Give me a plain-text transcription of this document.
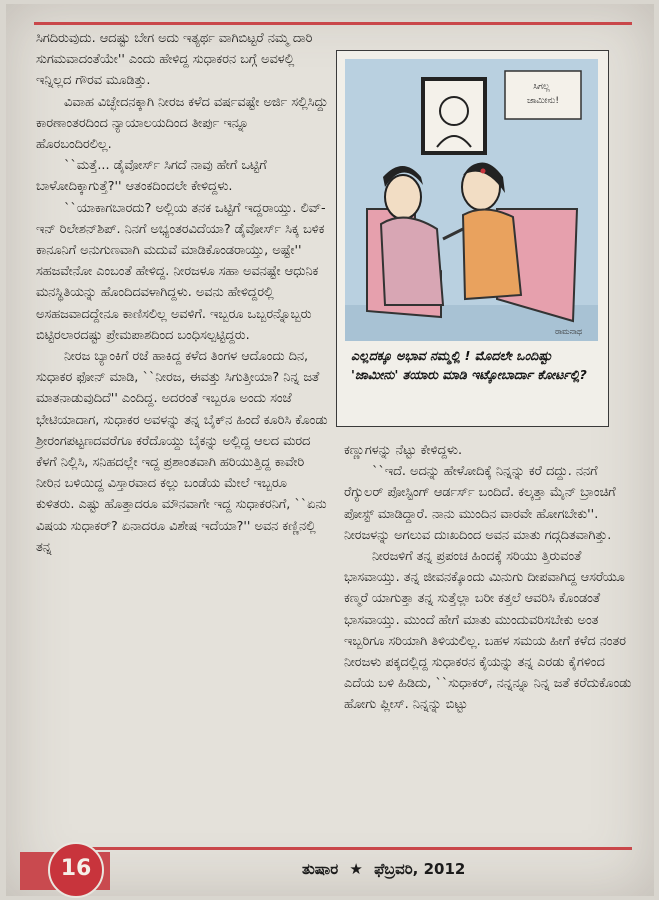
ಸಿಗದಿರುವುದು. ಆದಷ್ಟು ಬೇಗ ಅದು ಇತ್ಯರ್ಥ ವಾಗಿಬಿಟ್ಟರೆ ನಮ್ಮ ದಾರಿ ಸುಗಮವಾದಂತೆಯೇ'' ಎಂದು ಹೇಳಿದ್ದ ಸುಧಾಕರನ ಬಗ್ಗೆ ಅವಳಲ್ಲಿ ಇನ್ನಿಲ್ಲದ ಗೌರವ ಮೂಡಿತ್ತು.

ವಿವಾಹ ವಿಚ್ಛೇದನಕ್ಕಾಗಿ ನೀರಜ ಕಳೆದ ವರ್ಷವಷ್ಟೇ ಅರ್ಜಿ ಸಲ್ಲಿಸಿದ್ದು ಕಾರಣಾಂತರದಿಂದ ನ್ಯಾಯಾಲಯದಿಂದ ತೀರ್ಪು ಇನ್ನೂ ಹೊರಬಂದಿರಲಿಲ್ಲ.

``ಮತ್ತೆ... ಡೈವೋರ್ಸ್ ಸಿಗದೆ ನಾವು ಹೇಗೆ ಒಟ್ಟಿಗೆ ಬಾಳೋದಿಕ್ಕಾಗುತ್ತೆ?'' ಆತಂಕದಿಂದಲೇ ಕೇಳಿದ್ದಳು.

``ಯಾಕಾಗಬಾರದು? ಅಲ್ಲಿಯ ತನಕ ಒಟ್ಟಿಗೆ ಇದ್ದರಾಯ್ತು. ಲಿವ್-ಇನ್ ರಿಲೇಶನ್‌ಶಿಪ್. ನಿನಗೆ ಅಭ್ಯಂತರವಿದೆಯಾ? ಡೈವೋರ್ಸ್ ಸಿಕ್ಕ ಬಳಿಕ ಕಾನೂನಿಗೆ ಅನುಗುಣವಾಗಿ ಮದುವೆ ಮಾಡಿಕೊಂಡರಾಯ್ತು, ಅಷ್ಟೇ'' ಸಹಜವೇನೋ ಎಂಬಂತೆ ಹೇಳಿದ್ದ. ನೀರಜಳೂ ಸಹಾ ಅವನಷ್ಟೇ ಆಧುನಿಕ ಮನಸ್ಥಿತಿಯನ್ನು ಹೊಂದಿದವಳಾಗಿದ್ದಳು. ಅವನು ಹೇಳಿದ್ದರಲ್ಲಿ ಅಸಹಜವಾದದ್ದೇನೂ ಕಾಣಿಸಲಿಲ್ಲ ಅವಳಿಗೆ. ಇಬ್ಬರೂ ಒಬ್ಬರನ್ನೊಬ್ಬರು ಬಿಟ್ಟಿರಲಾರದಷ್ಟು ಪ್ರೇಮಪಾಶದಿಂದ ಬಂಧಿಸಲ್ಪಟ್ಟಿದ್ದರು.

ನೀರಜ ಬ್ಯಾಂಕಿಗೆ ರಜೆ ಹಾಕಿದ್ದ ಕಳೆದ ತಿಂಗಳ ಆದೊಂದು ದಿನ, ಸುಧಾಕರ ಫೋನ್ ಮಾಡಿ, ``ನೀರಜ, ಈವತ್ತು ಸಿಗುತ್ತೀಯಾ? ನಿನ್ನ ಜತೆ ಮಾತನಾಡುವುದಿದೆ'' ಎಂದಿದ್ದ. ಅದರಂತೆ ಇಬ್ಬರೂ ಅಂದು ಸಂಜೆ ಭೇಟಿಯಾದಾಗ, ಸುಧಾಕರ ಅವಳನ್ನು ತನ್ನ ಬೈಕ್‌ನ ಹಿಂದೆ ಕೂರಿಸಿ ಕೊಂಡು ಶ್ರೀರಂಗಪಟ್ಟಣದವರೆಗೂ ಕರೆದೊಯ್ದು ಬೈಕನ್ನು ಅಲ್ಲಿದ್ದ ಆಲದ ಮರದ ಕೆಳಗೆ ನಿಲ್ಲಿಸಿ, ಸನಿಹದಲ್ಲೇ ಇದ್ದ ಪ್ರಶಾಂತವಾಗಿ ಹರಿಯುತ್ತಿದ್ದ ಕಾವೇರಿ ನೀರಿನ ಬಳಿಯಿದ್ದ ವಿಸ್ತಾರವಾದ ಕಲ್ಲು ಬಂಡೆಯ ಮೇಲೆ ಇಬ್ಬರೂ ಕುಳಿತರು. ಎಷ್ಟು ಹೊತ್ತಾದರೂ ಮೌನವಾಗೇ ಇದ್ದ ಸುಧಾಕರನಿಗೆ, ``ಏನು ವಿಷಯ ಸುಧಾಕರ್? ಏನಾದರೂ ವಿಶೇಷ ಇದೆಯಾ?'' ಅವನ ಕಣ್ಣಿನಲ್ಲಿ ತನ್ನ

ಸಿಗಲ್ಲ ಜಾಮೀನು!
ರಾಮನಾಥ
ಎಲ್ಲದಕ್ಕೂ ಅಭಾವ ನಮ್ಮಲ್ಲಿ ! ಮೊದಲೇ ಒಂದಿಷ್ಟು 'ಜಾಮೀನು' ತಯಾರು ಮಾಡಿ ಇಟ್ಕೋಬಾರ್ದಾ ಕೋರ್ಟಲ್ಲಿ?

ಕಣ್ಣುಗಳನ್ನು ನೆಟ್ಟು ಕೇಳಿದ್ದಳು.

``ಇದೆ. ಅದನ್ನು ಹೇಳೋದಿಕ್ಕೆ ನಿನ್ನನ್ನು ಕರೆ ದದ್ದು. ನನಗೆ ರೆಗ್ಯುಲರ್ ಪೋಸ್ಟಿಂಗ್ ಆರ್ಡರ್ಸ್ ಬಂದಿದೆ. ಕಲ್ಕತ್ತಾ ಮೈನ್ ಬ್ರಾಂಚಿಗೆ ಪೋಸ್ಟ್ ಮಾಡಿದ್ದಾರೆ. ನಾನು ಮುಂದಿನ ವಾರವೇ ಹೋಗಬೇಕು''. ನೀರಜಳನ್ನು ಅಗಲುವ ದುಃಖದಿಂದ ಅವನ ಮಾತು ಗದ್ಗದಿತವಾಗಿತ್ತು.

ನೀರಜಳಿಗೆ ತನ್ನ ಪ್ರಪಂಚ ಹಿಂದಕ್ಕೆ ಸರಿಯು ತ್ತಿರುವಂತೆ ಭಾಸವಾಯ್ತು. ತನ್ನ ಜೀವನಕ್ಕೊಂದು ಮಿನುಗು ದೀಪವಾಗಿದ್ದ ಆಸರೆಯೂ ಕಣ್ಮರೆ ಯಾಗುತ್ತಾ ತನ್ನ ಸುತ್ತೆಲ್ಲಾ ಬರೀ ಕತ್ತಲೆ ಆವರಿಸಿ ಕೊಂಡಂತೆ ಭಾಸವಾಯ್ತು. ಮುಂದೆ ಹೇಗೆ ಮಾತು ಮುಂದುವರಿಸಬೇಕು ಅಂತ ಇಬ್ಬರಿಗೂ ಸರಿಯಾಗಿ ತಿಳಿಯಲಿಲ್ಲ. ಬಹಳ ಸಮಯ ಹೀಗೆ ಕಳೆದ ನಂತರ ನೀರಜಳು ಪಕ್ಕದಲ್ಲಿದ್ದ ಸುಧಾಕರನ ಕೈಯನ್ನು ತನ್ನ ಎರಡು ಕೈಗಳಿಂದ ಎದೆಯ ಬಳಿ ಹಿಡಿದು, ``ಸುಧಾಕರ್, ನನ್ನನ್ನೂ ನಿನ್ನ ಜತೆ ಕರೆದುಕೊಂಡು ಹೋಗು ಪ್ಲೀಸ್. ನಿನ್ನನ್ನು ಬಿಟ್ಟು

16	ತುಷಾರ ★ ಫೆಬ್ರವರಿ, 2012
